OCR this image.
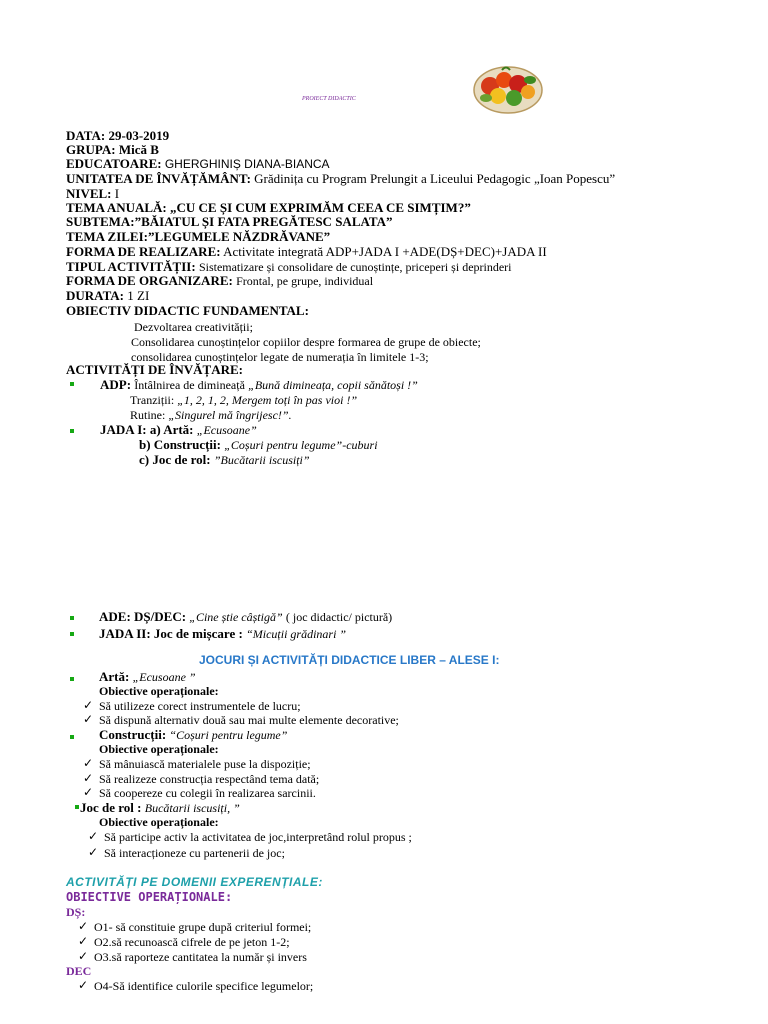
PROIECT DIDACTIC
DATA: 29-03-2019
GRUPA: Mică B
EDUCATOARE: GHERGHINIȘ DIANA-BIANCA
UNITATEA DE ÎNVĂȚĂMÂNT: Grădinița cu Program Prelungit a Liceului Pedagogic „Ioan Popescu”
NIVEL: I
TEMA ANUALĂ: „CU CE ȘI CUM EXPRIMĂM CEEA CE SIMȚIM?”
SUBTEMA:”BĂIATUL ȘI FATA PREGĂTESC SALATA”
TEMA ZILEI:”LEGUMELE NĂZDRĂVANE”
FORMA DE REALIZARE: Activitate integrată ADP+JADA I +ADE(DȘ+DEC)+JADA II
TIPUL ACTIVITĂȚII: Sistematizare și consolidare de cunoștințe, priceperi și deprinderi
FORMA DE ORGANIZARE: Frontal, pe grupe, individual
DURATA: 1 ZI
OBIECTIV DIDACTIC FUNDAMENTAL:
Dezvoltarea creativității;
Consolidarea cunoștințelor copiilor despre formarea de grupe de obiecte;
consolidarea cunoștințelor legate de numerația în limitele 1-3;
ACTIVITĂȚI DE ÎNVĂȚARE:
ADP: Întâlnirea de dimineață „Bună dimineața, copii sănătoși !”
Tranziții: „1, 2, 1, 2, Mergem toți în pas vioi !”
Rutine: „Singurel mă îngrijesc!”.
JADA I: a) Artă: „Ecusoane”
b) Construcții: „Coșuri pentru legume”-cuburi
c) Joc de rol: ”Bucătarii iscusiți”
ADE: DȘ/DEC: „Cine știe câștigă” ( joc didactic/ pictură)
JADA II: Joc de mișcare : “Micuții grădinari ”
JOCURI ȘI ACTIVITĂȚI DIDACTICE LIBER – ALESE I:
Artă: „Ecusoane ”
Obiective operaționale:
✓ Să utilizeze corect instrumentele de lucru;
✓ Să dispună alternativ două sau mai multe elemente decorative;
Construcții: “Coșuri pentru legume”
Obiective operaționale:
✓ Să mânuiască materialele puse la dispoziție;
✓ Să realizeze construcția respectând tema dată;
✓ Să coopereze cu colegii în realizarea sarcinii.
Joc de rol : Bucătarii iscusiți, ”
Obiective operaționale:
✓ Să participe activ la activitatea de joc,interpretând rolul propus ;
✓ Să interacționeze cu partenerii de joc;
ACTIVITĂȚI PE DOMENII EXPERENȚIALE:
OBIECTIVE OPERAȚIONALE:
DȘ:
✓ O1- să constituie grupe după criteriul formei;
✓ O2.să recunoască cifrele de pe jeton 1-2;
✓ O3.să raporteze cantitatea la număr și invers
DEC
✓ O4-Să identifice culorile specifice legumelor;
